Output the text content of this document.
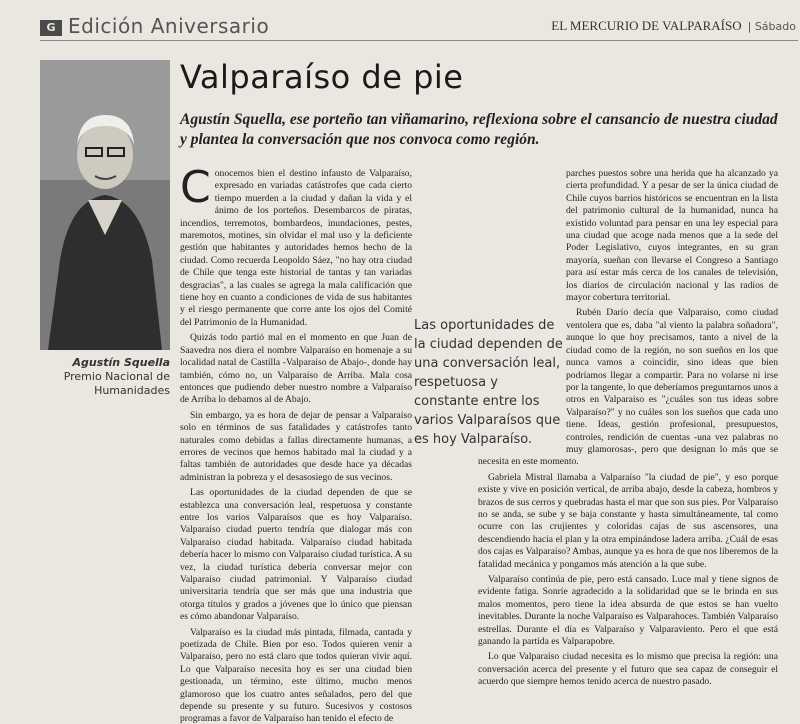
G Edición Aniversario	EL MERCURIO DE VALPARAÍSO | Sábado
Agustín Squella
Premio Nacional de Humanidades
Valparaíso de pie

Agustín Squella, ese porteño tan viñamarino, reflexiona sobre el cansancio de nuestra ciudad y plantea la conversación que nos convoca como región.

Conocemos bien el destino infausto de Valparaíso, expresado en variadas catástrofes que cada cierto tiempo muerden a la ciudad y dañan la vida y el ánimo de los porteños. Desembarcos de piratas, incendios, terremotos, bombardeos, inundaciones, pestes, maremotos, motines, sin olvidar el mal uso y la deficiente gestión que habitantes y autoridades hemos hecho de la ciudad. Como recuerda Leopoldo Sáez, "no hay otra ciudad de Chile que tenga este historial de tantas y tan variadas desgracias", a las cuales se agrega la mala calificación que tiene hoy en cuanto a condiciones de vida de sus habitantes y el riesgo permanente que corre ante los ojos del Comité del Patrimonio de la Humanidad.

Quizás todo partió mal en el momento en que Juan de Saavedra nos diera el nombre Valparaíso en homenaje a su localidad natal de Castilla -Valparaíso de Abajo-, donde hay también, cómo no, un Valparaíso de Arriba. Mala cosa entonces que pudiendo deber nuestro nombre a Valparaíso de Arriba lo debamos al de Abajo.

Sin embargo, ya es hora de dejar de pensar a Valparaíso solo en términos de sus fatalidades y catástrofes tanto naturales como debidas a fallas directamente humanas, a errores de vecinos que hemos habitado mal la ciudad y a faltas también de autoridades que desde hace ya décadas administran la pobreza y el desasosiego de sus vecinos.

Las oportunidades de la ciudad dependen de que se establezca una conversación leal, respetuosa y constante entre los varios Valparaísos que es hoy Valparaíso. Valparaíso ciudad puerto tendría que dialogar más con Valparaíso ciudad habitada. Valparaíso ciudad habitada debería hacer lo mismo con Valparaíso ciudad turística. A su vez, la ciudad turística debería conversar mejor con Valparaíso ciudad patrimonial. Y Valparaíso ciudad universitaria tendría que ser más que una industria que otorga títulos y grados a jóvenes que lo único que piensan es cómo abandonar Valparaíso.

Valparaíso es la ciudad más pintada, filmada, cantada y poetizada de Chile. Bien por eso. Todos quieren venir a Valparaíso, pero no está claro que todos quieran vivir aquí. Lo que Valparaíso necesita hoy es ser una ciudad bien gestionada, un término, este último, mucho menos glamoroso que los cuatro antes señalados, pero del que depende su presente y su futuro. Sucesivos y costosos programas a favor de Valparaíso han tenido el efecto de

Las oportunidades de la ciudad dependen de una conversación leal, respetuosa y constante entre los varios Valparaísos que es hoy Valparaíso.

parches puestos sobre una herida que ha alcanzado ya cierta profundidad. Y a pesar de ser la única ciudad de Chile cuyos barrios históricos se encuentran en la lista del patrimonio cultural de la humanidad, nunca ha existido voluntad para pensar en una ley especial para una ciudad que acoge nada menos que a la sede del Poder Legislativo, cuyos integrantes, en su gran mayoría, sueñan con llevarse el Congreso a Santiago para así estar más cerca de los canales de televisión, los diarios de circulación nacional y las radios de mayor cobertura territorial.

Rubén Darío decía que Valparaíso, como ciudad ventolera que es, daba "al viento la palabra soñadora", aunque lo que hoy precisamos, tanto a nivel de la ciudad como de la región, no son sueños en los que nunca vamos a coincidir, sino ideas que bien podríamos llegar a compartir. Para no volarse ni irse por la tangente, lo que deberíamos preguntarnos unos a otros en Valparaíso es "¿cuáles son tus ideas sobre Valparaíso?" y no cuáles son los sueños que cada uno tiene. Ideas, gestión profesional, presupuestos, controles, rendición de cuentas -una vez palabras no muy glamorosas-, pero que designan lo más que se necesita en este momento.

Gabriela Mistral llamaba a Valparaíso "la ciudad de pie", y eso porque existe y vive en posición vertical, de arriba abajo, desde la cabeza, hombros y brazos de sus cerros y quebradas hasta el mar que son sus pies. Por Valparaíso no se anda, se sube y se baja constante y hasta simultáneamente, tal como ocurre con las crujientes y coloridas cajas de sus ascensores, una descendiendo hacia el plan y la otra empinándose ladera arriba. ¿Cuál de esas dos cajas es Valparaíso? Ambas, aunque ya es hora de que nos liberemos de la fatalidad mecánica y pongamos más atención a la que sube.

Valparaíso continúa de pie, pero está cansado. Luce mal y tiene signos de evidente fatiga. Sonríe agradecido a la solidaridad que se le brinda en sus malos momentos, pero tiene la idea absurda de que estos se han vuelto inevitables. Durante la noche Valparaíso es Valparahoces. También Valparaíso estrellas. Durante el día es Valparaíso y Valparaviento. Pero el que está ganando la partida es Valparapobre.

Lo que Valparaíso ciudad necesita es lo mismo que precisa la región: una conversación acerca del presente y el futuro que sea capaz de conseguir el acuerdo que siempre hemos tenido acerca de nuestro pasado.
